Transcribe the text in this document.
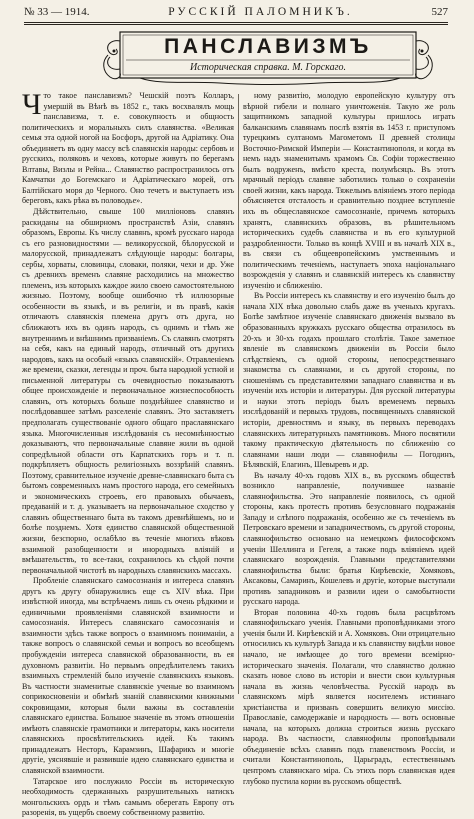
№ 33 — 1914.	РУССКІЙ ПАЛОМНИКЪ.	527
ПАНСЛАВИЗМЪ
Историческая справка. М. Горскаго.

Что такое панславизмъ? Чешскій поэтъ Колларъ, умершій въ Вѣнѣ въ 1852 г., такъ восхвалялъ мощь панславизма, т. е. совокупность и общность политическихъ и моральныхъ силъ славянства. «Великая семья эта одной ногой на Босфоръ, другой на Адріатику. Она объединяетъ въ одну массу всѣ славянскія народы: сербовъ и русскихъ, поляковъ и чеховъ, которые живутъ по берегамъ Влтавы, Визлы и Рейна... Славянство распространилось отъ Камчатки до Богемскаго и Адріатическаго морей, отъ Балтійскаго моря до Черного. Оно течетъ и выступаетъ изъ береговъ, какъ рѣка въ половодье».

Дѣйствительно, свыше 100 милліоновъ славянъ раскиданы на обширномъ пространствѣ Азіи, славянъ образомъ, Европы. Къ числу славянъ, кромѣ русскаго народа съ его разновидностями — великорусской, бѣлорусской и малорусской, принадлежатъ слѣдующіе народы: болгары, сербы, хорваты, словинцы, словаки, поляки, чехи и др. Уже съ древнихъ временъ славяне расходились на множество племенъ, изъ которыхъ каждое жило своею самостоятельною жизнью. Поэтому, вообще ошибочно тѣ иллюзорные особенности въ языкѣ, и въ религіи, и въ правѣ, какія отличаютъ славянскія племена другъ отъ друга, но сближаютъ ихъ въ одинъ народъ, съ однимъ и тѣмъ же внутреннимъ и внѣшнимъ призваніемъ. Съ славянъ смотрятъ на себя, какъ на единый народъ, отличный отъ другихъ народовъ, какъ на особый «языкъ славянскій». Отравленіемъ же времени, сказки, легенды и проч. быта народной устной и письменной литературы съ очевидностью показываютъ общее происхожденіе и первоначальное жизнеспособность славянъ, отъ которыхъ больше позднѣйшее славянство и послѣдовавшее затѣмъ разселеніе славянъ. Это заставляетъ предполагать существованіе одного общаго праславянскаго языка. Многочисленныя изслѣдованія съ несомнѣнностью доказываютъ, что первоначальные славяне жили въ одной сопредѣльной области отъ Карпатскихъ горъ и т. п. подкрѣпляетъ общность религіозныхъ воззрѣній славянъ. Поэтому, сравнительное изученіе древне-славянскаго быта съ бытомъ современныхъ намъ простого народа, его семейныхъ и экономическихъ строевъ, его правовыхъ обычаевъ, предаваній и т. д. указываетъ на первоначальное сходство у славянъ общественнаго быта въ такомъ древнѣйшемъ, но и болѣе позднемъ. Хотя единство славянской общественной жизни, безспорно, ослабѣло въ теченіе многихъ вѣковъ взаимной разобщенности и инородныхъ вліяній и вмѣшательствъ, то все-таки, сохранилось къ сѣдой почти первоначальной чистотѣ въ народныхъ славянскихъ массахъ.

Пробленіе славянскаго самосознанія и интереса славянъ другъ къ другу обнаружились еще съ XIV вѣка. При извѣстной иногда, мы встрѣчаемъ лишь съ очень рѣдкими и единичными проявленіями славянской взаимности и самосознанія. Интересъ славянскаго самосознанія и взаимности здѣсь также вопросъ о взаимномъ пониманіи, а также вопросъ о славянской семьи и вопросъ во всеобщемъ пробужденіи интереса славянской образованности, въ ея духовномъ развитіи. Но первымъ опредѣлителемъ такихъ взаимныхъ стремленій было изученіе славянскихъ языковъ. Въ частности знаменитые славянскіе ученые во взаимномъ соприкосновеніи и обмѣнѣ знаній славянскими книжными сокровищами, которыя были важны въ составленіи славянскаго единства. Большое значеніе въ этомъ отношеніи имѣютъ славянскіе грамотники и литераторы, какъ носители славянскихъ просвѣтительскихъ идей. Къ такимъ принадлежатъ Несторъ, Карамзинъ, Шафарикъ и многіе другіе, уяснявшіе и развившіе идею славянскаго единства и славянской взаимности.

Татарское иго послужило Россіи въ историческую необходимость сдержанныхъ разрушительныхъ натискъ монгольскихъ ордъ и тѣмъ самымъ оберегать Европу отъ разоренія, въ ущербъ своему собственному развитію.

ному развитію, молодую европейскую культуру отъ вѣрной гибели и полнаго уничтоженія. Такую же роль защитникомъ западной культуры пришлось играть балканскимъ славянамъ послѣ взятія въ 1453 г. приступомъ турецкимъ султаномъ Магометомъ II древней столицы Восточно-Римской Имперіи — Константинополя, и когда въ немъ надъ знаменитымъ храмомъ Св. Софіи торжественно былъ водруженъ, вмѣсто креста, полумѣсяцъ. Въ этотъ мрачный періодъ славяне заботились только о сохраненіи своей жизни, какъ народа. Тяжелымъ вліяніемъ этого періода объясняется отсталость и сравнительно позднее вступленіе ихъ въ общеславянское самосознаніе, причемъ которыхъ хранятъ, славянскихъ образовъ, въ рѣшительномъ историческихъ судебъ славянства и въ его культурной раздробленности. Только въ концѣ XVIII и въ началѣ XIX в., въ связи съ общеевропейскимъ умственнымъ и политическимъ теченіемъ, наступаетъ эпоха національнаго возрожденія у славянъ и славянскій интересъ къ славянству изученію и сближенію.

Въ Россіи интересъ къ славянству и его изученію былъ до начала XIX вѣка довольно слабъ даже въ ученыхъ кругахъ. Болѣе замѣтное изученіе славянскаго движенія вызвало въ образованныхъ кружкахъ русскаго общества отразилось въ 20-хъ и 30-хъ годахъ прошлаго столѣтія. Такое заметное явленіе въ славянскомъ движеніи въ Россіи было слѣдствіемъ, съ одной стороны, непосредственнаго знакомства съ славянами, и съ другой стороны, по сношеніямъ съ представителями западнаго славянства и въ изученіи ихъ исторіи и литературы. Для русской литературы и науки этотъ періодъ былъ временемъ первыхъ изслѣдованій и первыхъ трудовъ, посвященныхъ славянской исторіи, древностямъ и языку, въ первыхъ переводахъ славянскихъ литературныхъ памятниковъ. Много посвятили такому практическую дѣятельность по сближенію со славянами наши люди — славянофилы — Погодинъ, Бѣлявскій, Елагинъ, Шевыревъ и др.

Въ началу 40-хъ годовъ XIX в., въ русскомъ обществѣ возникло направленіе, получившее названіе славянофильства. Это направленіе появилось, съ одной стороны, какъ протестъ противъ безусловнаго подражанія Западу и слѣпого подражанія, особенно же съ теченіемъ въ Петровскаго времени и западничествомъ, съ другой стороны, славянофильство основано на немецкомъ философскомъ ученіи Шеллинга и Гегеля, а также подъ вліяніемъ идей славянскаго возрожденія. Главными представителями славянофильства были: братья Кирѣевскіе, Хомяковъ, Аксаковы, Самаринъ, Кошелевъ и другіе, которые выступали противъ западниковъ и развили идеи о самобытности русскаго народа.

Вторая половина 40-хъ годовъ была расцвѣтомъ славянофильскаго ученія. Главными проповѣдниками этого ученія были И. Кирѣевскій и А. Хомяковъ. Они отрицательно относились къ культурѣ Запада и къ славянству видѣли новое начало, не имѣющее до того времени всемірно-историческаго значенія. Полагали, что славянство должно сказать новое слово въ исторіи и внести свои культурныя начала въ жизнь человѣчества. Русскій народъ въ славянскомъ мірѣ является носителемъ истиннаго христіанства и призванъ совершить великую миссію. Православіе, самодержавіе и народность — вотъ основные начала, на которыхъ должна строиться жизнь русскаго народа. Въ частности, славянофилы проповѣдывали объединеніе всѣхъ славянъ подъ главенствомъ Россіи, и считали Константинополь, Царьградъ, естественнымъ центромъ славянскаго міра. Съ этихъ поръ славянская идея глубоко пустила корни въ русскомъ обществѣ.
